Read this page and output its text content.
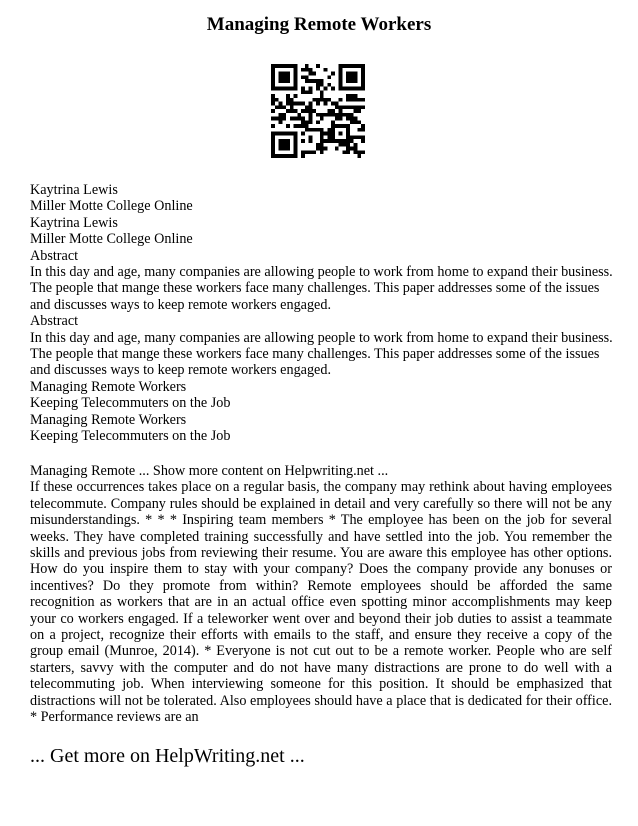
Managing Remote Workers
Kaytrina Lewis
Miller Motte College Online
Kaytrina Lewis
Miller Motte College Online
Abstract
In this day and age, many companies are allowing people to work from home to expand their business.
The people that mange these workers face many challenges. This paper addresses some of the issues
and discusses ways to keep remote workers engaged.
Abstract
In this day and age, many companies are allowing people to work from home to expand their business.
The people that mange these workers face many challenges. This paper addresses some of the issues
and discusses ways to keep remote workers engaged.
Managing Remote Workers
Keeping Telecommuters on the Job
Managing Remote Workers
Keeping Telecommuters on the Job
Managing Remote ... Show more content on Helpwriting.net ...
If these occurrences takes place on a regular basis, the company may rethink about having employees telecommute. Company rules should be explained in detail and very carefully so there will not be any misunderstandings. * * * Inspiring team members * The employee has been on the job for several weeks. They have completed training successfully and have settled into the job. You remember the skills and previous jobs from reviewing their resume. You are aware this employee has other options. How do you inspire them to stay with your company? Does the company provide any bonuses or incentives? Do they promote from within? Remote employees should be afforded the same recognition as workers that are in an actual office even spotting minor accomplishments may keep your co workers engaged. If a teleworker went over and beyond their job duties to assist a teammate on a project, recognize their efforts with emails to the staff, and ensure they receive a copy of the group email (Munroe, 2014). * Everyone is not cut out to be a remote worker. People who are self starters, savvy with the computer and do not have many distractions are prone to do well with a telecommuting job. When interviewing someone for this position. It should be emphasized that distractions will not be tolerated. Also employees should have a place that is dedicated for their office. * Performance reviews are an
... Get more on HelpWriting.net ...
